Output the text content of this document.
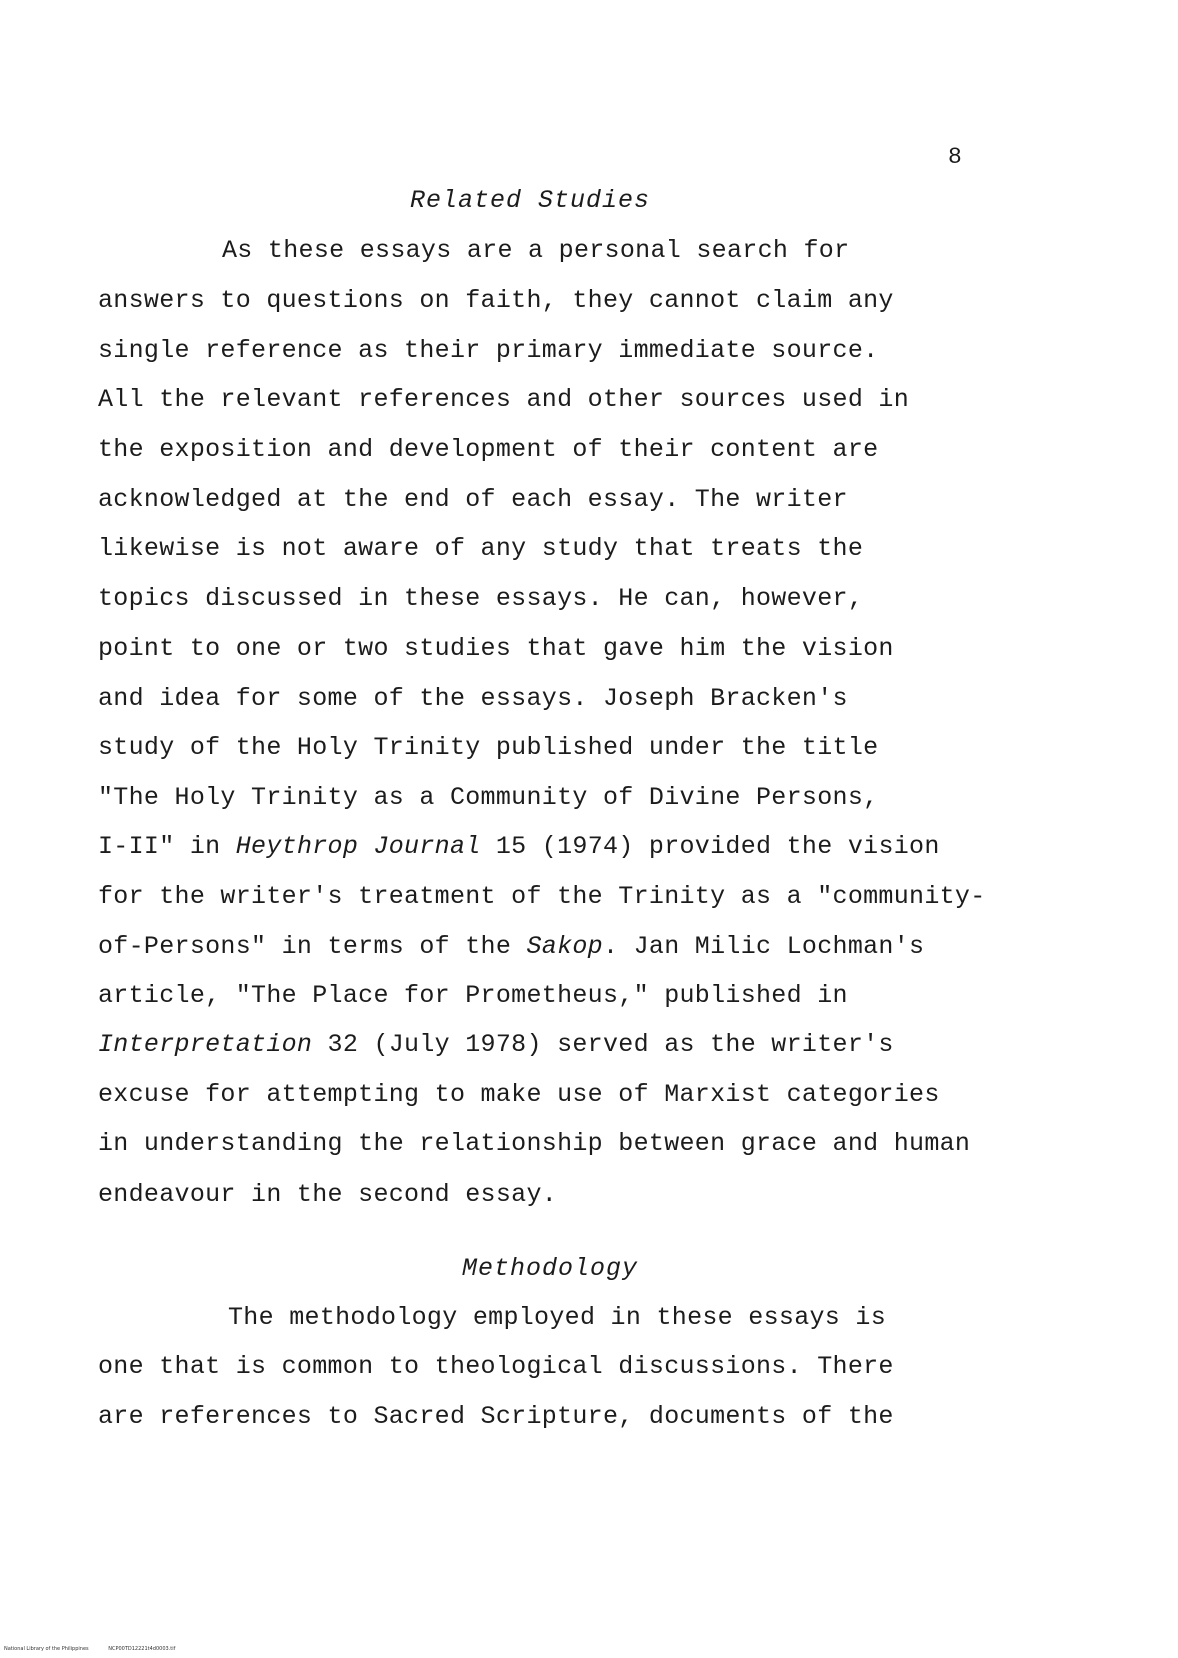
8
Related Studies
As these essays are a personal search for
answers to questions on faith, they cannot claim any
single reference as their primary immediate source.
All the relevant references and other sources used in
the exposition and development of their content are
acknowledged at the end of each essay. The writer
likewise is not aware of any study that treats the
topics discussed in these essays. He can, however,
point to one or two studies that gave him the vision
and idea for some of the essays. Joseph Bracken's
study of the Holy Trinity published under the title
"The Holy Trinity as a Community of Divine Persons,
I-II" in Heythrop Journal 15 (1974) provided the vision
for the writer's treatment of the Trinity as a "community-
of-Persons" in terms of the Sakop. Jan Milic Lochman's
article, "The Place for Prometheus," published in
Interpretation 32 (July 1978) served as the writer's
excuse for attempting to make use of Marxist categories
in understanding the relationship between grace and human
endeavour in the second essay.
Methodology
The methodology employed in these essays is
one that is common to theological discussions. There
are references to Sacred Scripture, documents of the
National Library of the Philippines	NCP00TD12221t4d0003.tif
